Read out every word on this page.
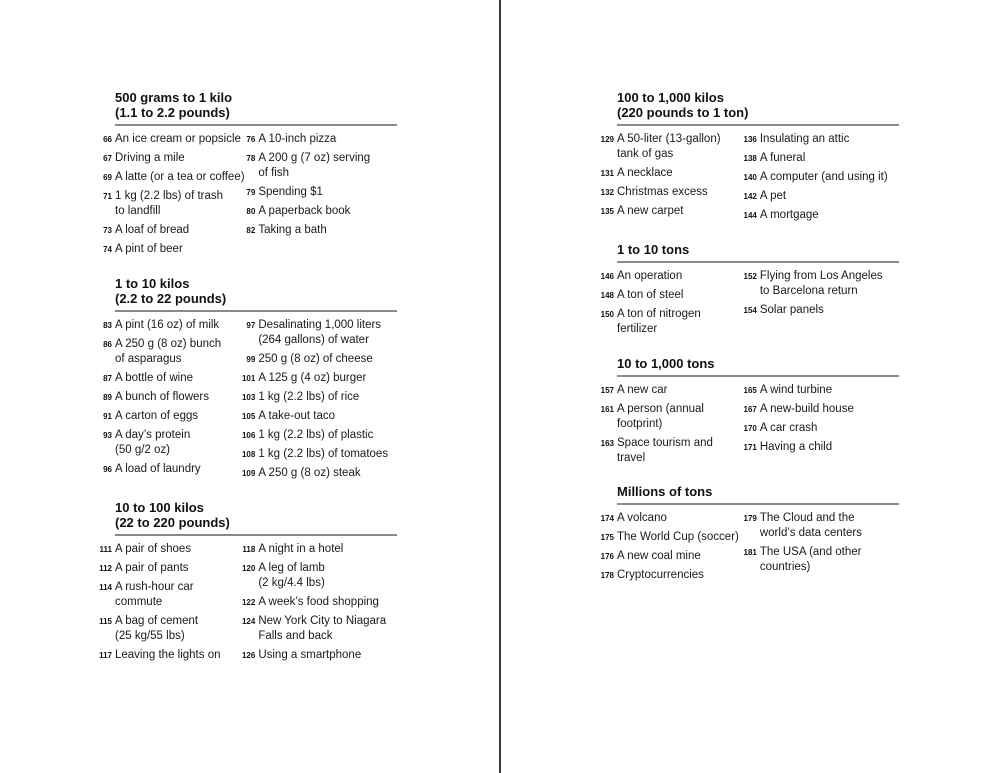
500 grams to 1 kilo
(1.1 to 2.2 pounds)
66 An ice cream or popsicle
67 Driving a mile
69 A latte (or a tea or coffee)
71 1 kg (2.2 lbs) of trash
to landfill
73 A loaf of bread
74 A pint of beer
76 A 10-inch pizza
78 A 200 g (7 oz) serving
of fish
79 Spending $1
80 A paperback book
82 Taking a bath
1 to 10 kilos
(2.2 to 22 pounds)
83 A pint (16 oz) of milk
86 A 250 g (8 oz) bunch
of asparagus
87 A bottle of wine
89 A bunch of flowers
91 A carton of eggs
93 A day’s protein
(50 g/2 oz)
96 A load of laundry
97 Desalinating 1,000 liters
(264 gallons) of water
99 250 g (8 oz) of cheese
101 A 125 g (4 oz) burger
103 1 kg (2.2 lbs) of rice
105 A take-out taco
106 1 kg (2.2 lbs) of plastic
108 1 kg (2.2 lbs) of tomatoes
109 A 250 g (8 oz) steak
10 to 100 kilos
(22 to 220 pounds)
111 A pair of shoes
112 A pair of pants
114 A rush-hour car
commute
115 A bag of cement
(25 kg/55 lbs)
117 Leaving the lights on
118 A night in a hotel
120 A leg of lamb
(2 kg/4.4 lbs)
122 A week’s food shopping
124 New York City to Niagara
Falls and back
126 Using a smartphone
100 to 1,000 kilos
(220 pounds to 1 ton)
129 A 50-liter (13-gallon)
tank of gas
131 A necklace
132 Christmas excess
135 A new carpet
136 Insulating an attic
138 A funeral
140 A computer (and using it)
142 A pet
144 A mortgage
1 to 10 tons
146 An operation
148 A ton of steel
150 A ton of nitrogen
fertilizer
152 Flying from Los Angeles
to Barcelona return
154 Solar panels
10 to 1,000 tons
157 A new car
161 A person (annual
footprint)
163 Space tourism and
travel
165 A wind turbine
167 A new-build house
170 A car crash
171 Having a child
Millions of tons
174 A volcano
175 The World Cup (soccer)
176 A new coal mine
178 Cryptocurrencies
179 The Cloud and the
world’s data centers
181 The USA (and other
countries)
